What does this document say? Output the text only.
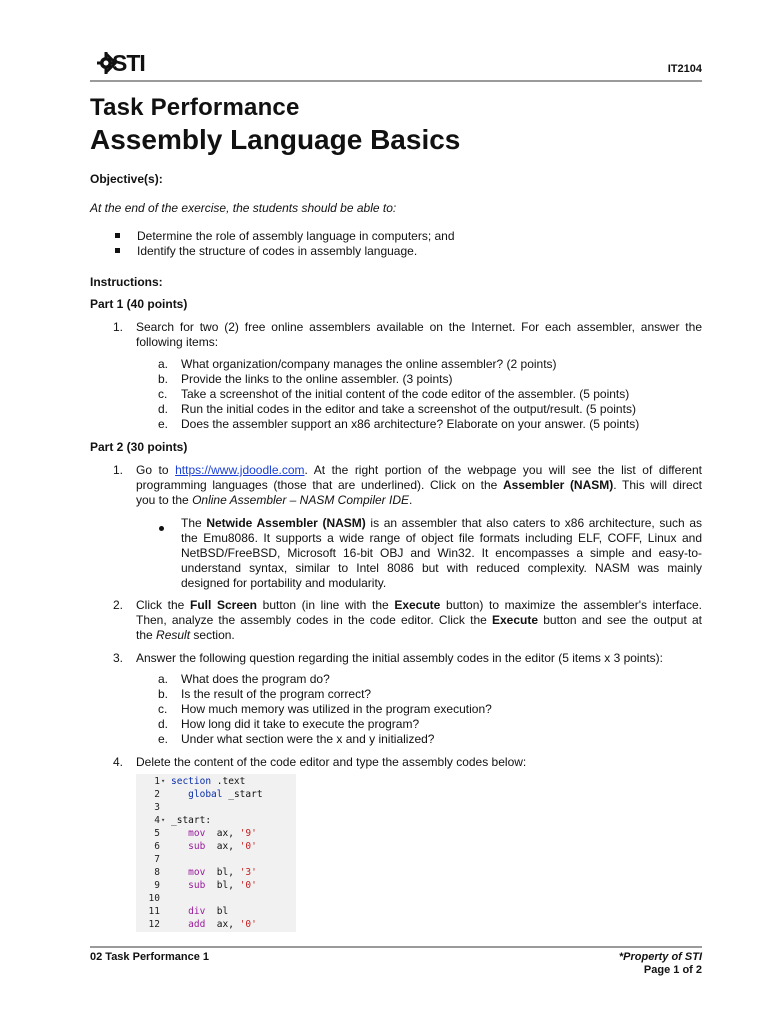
STI	IT2104
Task Performance
Assembly Language Basics
Objective(s):
At the end of the exercise, the students should be able to:
Determine the role of assembly language in computers; and
Identify the structure of codes in assembly language.
Instructions:
Part 1 (40 points)
1. Search for two (2) free online assemblers available on the Internet. For each assembler, answer the
following items:
a. What organization/company manages the online assembler? (2 points)
b. Provide the links to the online assembler. (3 points)
c. Take a screenshot of the initial content of the code editor of the assembler. (5 points)
d. Run the initial codes in the editor and take a screenshot of the output/result. (5 points)
e. Does the assembler support an x86 architecture? Elaborate on your answer. (5 points)
Part 2 (30 points)
1. Go to https://www.jdoodle.com. At the right portion of the webpage you will see the list of different
programming languages (those that are underlined). Click on the Assembler (NASM). This will direct
you to the Online Assembler – NASM Compiler IDE.
The Netwide Assembler (NASM) is an assembler that also caters to x86 architecture, such as
the Emu8086. It supports a wide range of object file formats including ELF, COFF, Linux and
NetBSD/FreeBSD, Microsoft 16-bit OBJ and Win32. It encompasses a simple and easy-to-
understand syntax, similar to Intel 8086 but with reduced complexity. NASM was mainly
designed for portability and modularity.
2. Click the Full Screen button (in line with the Execute button) to maximize the assembler's interface.
Then, analyze the assembly codes in the code editor. Click the Execute button and see the output at
the Result section.
3. Answer the following question regarding the initial assembly codes in the editor (5 items x 3 points):
a. What does the program do?
b. Is the result of the program correct?
c. How much memory was utilized in the program execution?
d. How long did it take to execute the program?
e. Under what section were the x and y initialized?
4. Delete the content of the code editor and type the assembly codes below:
1 ▾ section .text
2	global _start
3
4 ▾ _start:
5	mov  ax, '9'
6	sub  ax, '0'
7
8	mov  bl, '3'
9	sub  bl, '0'
10
11	div  bl
12	add  ax, '0'
02 Task Performance 1	*Property of STI
Page 1 of 2
